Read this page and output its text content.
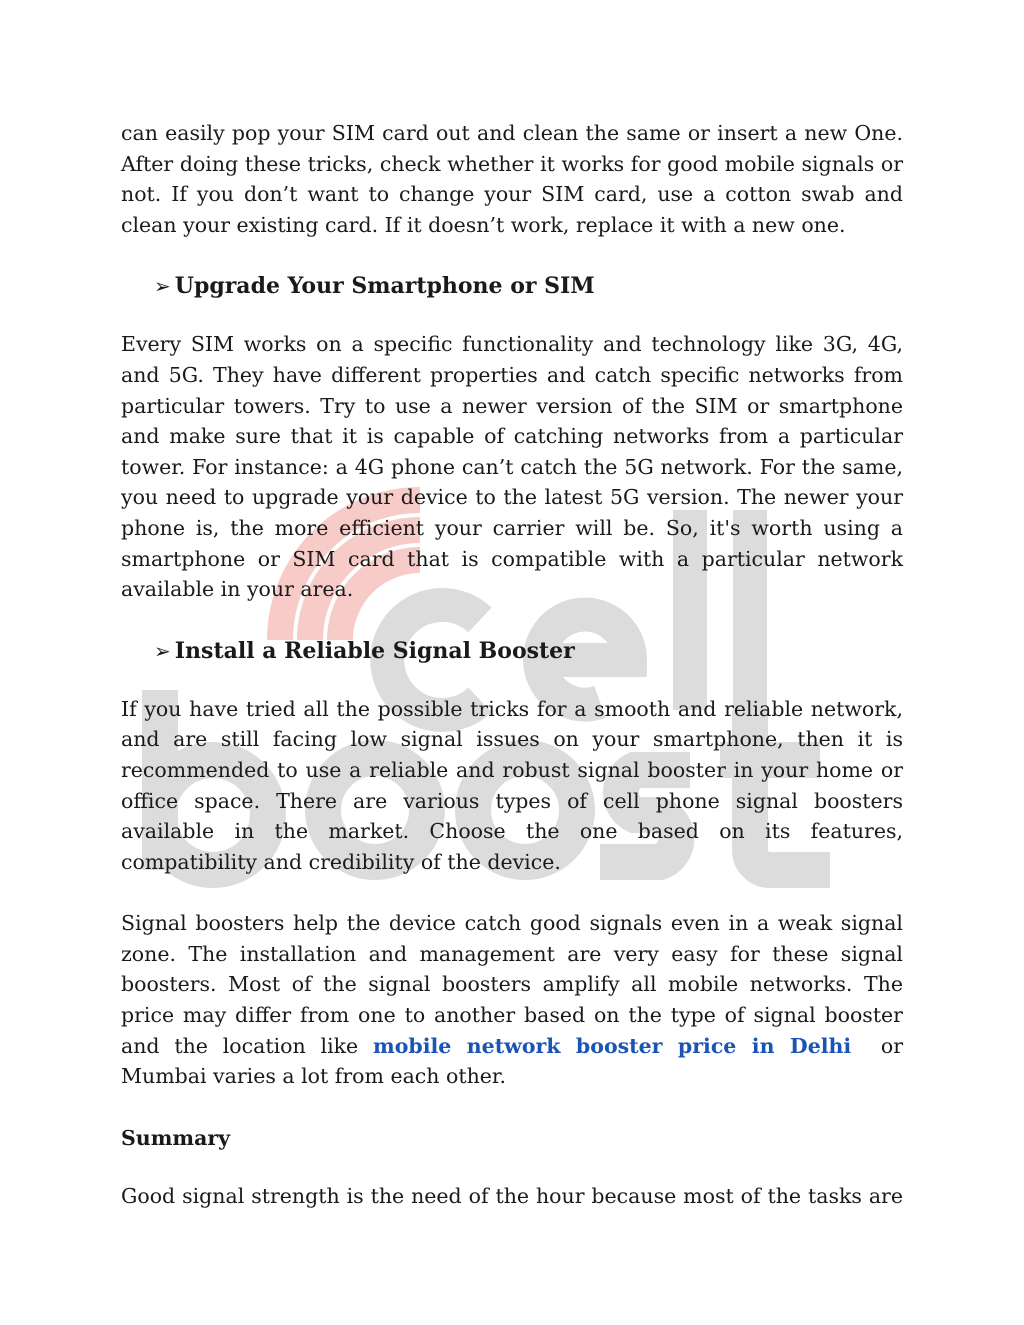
can easily pop your SIM card out and clean the same or insert a new One. After doing these tricks, check whether it works for good mobile signals or not. If you don’t want to change your SIM card, use a cotton swab and clean your existing card. If it doesn’t work, replace it with a new one.

➢ Upgrade Your Smartphone or SIM

Every SIM works on a specific functionality and technology like 3G, 4G, and 5G. They have different properties and catch specific networks from particular towers. Try to use a newer version of the SIM or smartphone and make sure that it is capable of catching networks from a particular tower. For instance: a 4G phone can’t catch the 5G network. For the same, you need to upgrade your device to the latest 5G version. The newer your phone is, the more efficient your carrier will be. So, it's worth using a smartphone or SIM card that is compatible with a particular network available in your area.

➢ Install a Reliable Signal Booster

If you have tried all the possible tricks for a smooth and reliable network, and are still facing low signal issues on your smartphone, then it is recommended to use a reliable and robust signal booster in your home or office space. There are various types of cell phone signal boosters available in the market. Choose the one based on its features, compatibility and credibility of the device.

Signal boosters help the device catch good signals even in a weak signal zone. The installation and management are very easy for these signal boosters. Most of the signal boosters amplify all mobile networks. The price may differ from one to another based on the type of signal booster and the location like mobile network booster price in Delhi  or Mumbai varies a lot from each other.

Summary

Good signal strength is the need of the hour because most of the tasks are
